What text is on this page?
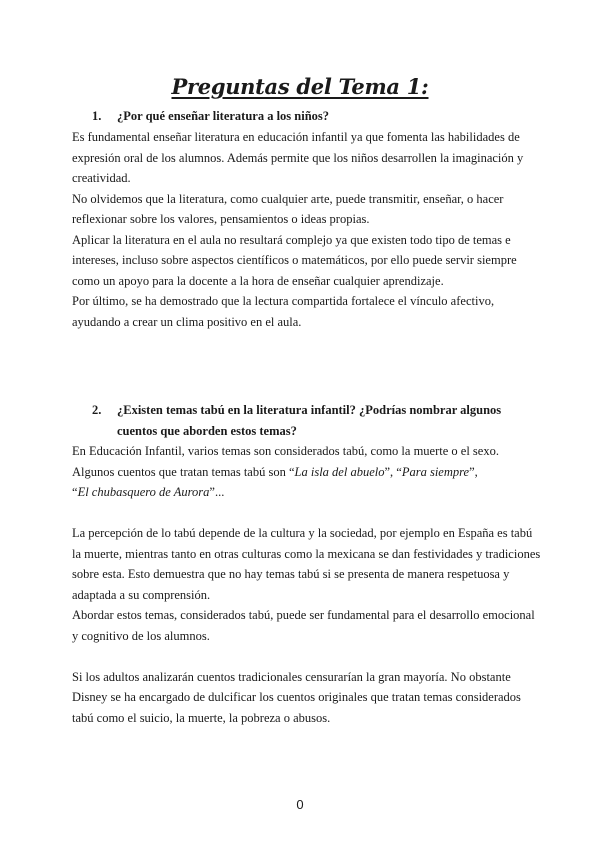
Preguntas del Tema 1:
1.	¿Por qué enseñar literatura a los niños?

Es fundamental enseñar literatura en educación infantil ya que fomenta las habilidades de expresión oral de los alumnos. Además permite que los niños desarrollen la imaginación y creatividad.

No olvidemos que la literatura, como cualquier arte, puede transmitir, enseñar, o hacer reflexionar sobre los valores, pensamientos o ideas propias.

Aplicar la literatura en el aula no resultará complejo ya que existen todo tipo de temas e intereses, incluso sobre aspectos científicos o matemáticos, por ello puede servir siempre como un apoyo para la docente a la hora de enseñar cualquier aprendizaje.

Por último, se ha demostrado que la lectura compartida fortalece el vínculo afectivo, ayudando a crear un clima positivo en el aula.

2.	¿Existen temas tabú en la literatura infantil? ¿Podrías nombrar algunos cuentos que aborden estos temas?

En Educación Infantil, varios temas son considerados tabú, como la muerte o el sexo.

Algunos cuentos que tratan temas tabú son “La isla del abuelo”, “Para siempre”,
“El chubasquero de Aurora”...

La percepción de lo tabú depende de la cultura y la sociedad, por ejemplo en España es tabú la muerte, mientras tanto en otras culturas como la mexicana se dan festividades y tradiciones sobre esta. Esto demuestra que no hay temas tabú si se presenta de manera respetuosa y adaptada a su comprensión.

Abordar estos temas, considerados tabú, puede ser fundamental para el desarrollo emocional y cognitivo de los alumnos.

Si los adultos analizarán cuentos tradicionales censurarían la gran mayoría. No obstante Disney se ha encargado de dulcificar los cuentos originales que tratan temas considerados tabú como el suicio, la muerte, la pobreza o abusos.

0
